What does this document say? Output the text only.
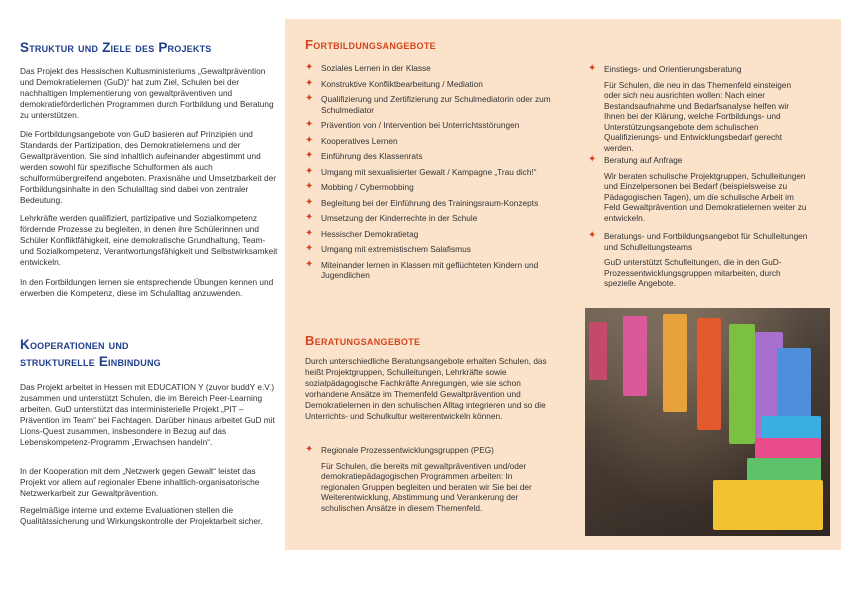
Struktur und Ziele des Projekts

Das Projekt des Hessischen Kultusministeriums „Gewaltprävention und Demokratielernen (GuD)“ hat zum Ziel, Schulen bei der nachhaltigen Implementierung von gewaltpräventiven und demokratieförderlichen Programmen durch Fortbildung und Beratung zu unterstützen.

Die Fortbildungsangebote von GuD basieren auf Prinzipien und Standards der Partizipation, des Demokratielernens und der Gewaltprävention. Sie sind inhaltlich aufeinander abgestimmt und werden sowohl für spezifische Schulformen als auch schulformübergreifend angeboten. Praxisnähe und Umsetzbarkeit der Fortbildungsinhalte in den Schulalltag sind dabei von zentraler Bedeutung.

Lehrkräfte werden qualifiziert, partizipative und Sozialkompetenz fördernde Prozesse zu begleiten, in denen ihre Schülerinnen und Schüler Konfliktfähigkeit, eine demokratische Grundhaltung, Team- und Sozialkompetenz, Verantwortungsfähigkeit und Selbstwirksamkeit entwickeln.

In den Fortbildungen lernen sie entsprechende Übungen kennen und erwerben die Kompetenz, diese im Schulalltag anzuwenden.

Kooperationen und
strukturelle Einbindung

Das Projekt arbeitet in Hessen mit EDUCATION Y (zuvor buddY e.V.) zusammen und unterstützt Schulen, die im Bereich Peer-Learning arbeiten. GuD unterstützt das interministerielle Projekt „PIT – Prävention im Team“ bei Fachtagen. Darüber hinaus arbeitet GuD mit Lions-Quest zusammen, insbesondere in Bezug auf das Lebenskompetenz-Programm „Erwachsen handeln“.

In der Kooperation mit dem „Netzwerk gegen Gewalt“ leistet das Projekt vor allem auf regionaler Ebene inhaltlich-organisatorische Netzwerkarbeit zur Gewaltprävention.

Regelmäßige interne und externe Evaluationen stellen die Qualitätssicherung und Wirkungskontrolle der Projektarbeit sicher.

Fortbildungsangebote
✦ Soziales Lernen in der Klasse
✦ Konstruktive Konfliktbearbeitung / Mediation
✦ Qualifizierung und Zertifizierung zur Schulmediatorin oder zum Schulmediator
✦ Prävention von / Intervention bei Unterrichtsstörungen
✦ Kooperatives Lernen
✦ Einführung des Klassenrats
✦ Umgang mit sexualisierter Gewalt / Kampagne „Trau dich!“
✦ Mobbing / Cybermobbing
✦ Begleitung bei der Einführung des Trainingsraum-Konzepts
✦ Umsetzung der Kinderrechte in der Schule
✦ Hessischer Demokratietag
✦ Umgang mit extremistischem Salafismus
✦ Miteinander lernen in Klassen mit geflüchteten Kindern und Jugendlichen
Beratungsangebote

Durch unterschiedliche Beratungsangebote erhalten Schulen, das heißt Projektgruppen, Schulleitungen, Lehrkräfte sowie sozialpädagogische Fachkräfte Anregungen, wie sie schon vorhandene Ansätze im Themenfeld Gewaltprävention und Demokratielernen in den schulischen Alltag integrieren und so die Unterrichts- und Schulkultur weiterentwickeln können.

✦ Regionale Prozessentwicklungsgruppen (PEG)

Für Schulen, die bereits mit gewaltpräventiven und/oder demokratiepädagogischen Programmen arbeiten: In regionalen Gruppen begleiten und beraten wir Sie bei der Weiterentwicklung, Abstimmung und Verankerung der schulischen Ansätze in diesem Themenfeld.

✦ Einstiegs- und Orientierungsberatung

Für Schulen, die neu in das Themenfeld einsteigen oder sich neu ausrichten wollen: Nach einer Bestandsaufnahme und Bedarfsanalyse helfen wir Ihnen bei der Klärung, welche Fortbildungs- und Unterstützungsangebote dem schulischen Qualifizierungs- und Entwicklungsbedarf gerecht werden.

✦ Beratung auf Anfrage

Wir beraten schulische Projektgruppen, Schulleitungen und Einzelpersonen bei Bedarf (beispielsweise zu Pädagogischen Tagen), um die schulische Arbeit im Feld Gewaltprävention und Demokratielernen weiter zu entwickeln.

✦ Beratungs- und Fortbildungsangebot für Schulleitungen und Schulleitungsteams

GuD unterstützt Schulleitungen, die in den GuD-Prozessentwicklungsgruppen mitarbeiten, durch spezielle Angebote.
